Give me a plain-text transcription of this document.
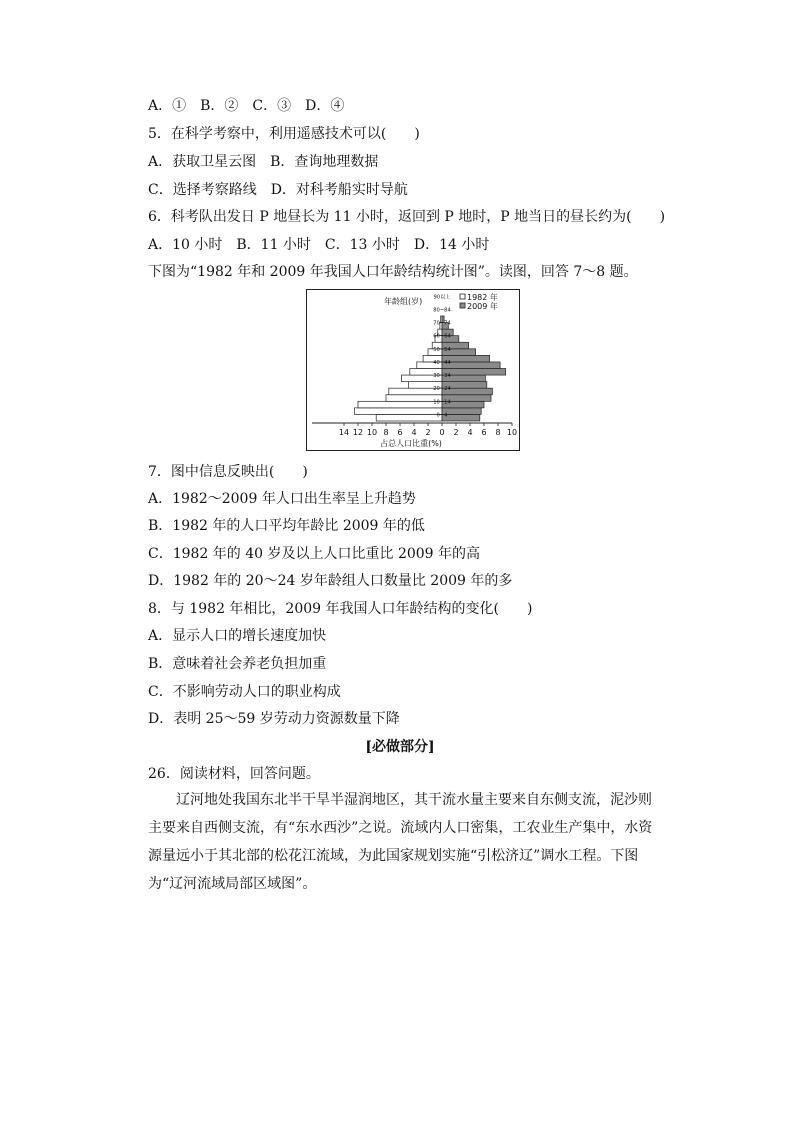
A．①　B．②　C．③　D．④
5．在科学考察中，利用遥感技术可以(　　)
A．获取卫星云图　B．查询地理数据
C．选择考察路线　D．对科考船实时导航
6．科考队出发日 P 地昼长为 11 小时，返回到 P 地时，P 地当日的昼长约为(　　)
A．10 小时　B．11 小时　C．13 小时　D．14 小时
下图为“1982 年和 2009 年我国人口年龄结构统计图”。读图，回答 7～8 题。
年龄组(岁)	1982 年
2009 年
0~4
10~14
20~24
30~34
40~44
50~54
60~64
70~74
80~84
90以上
14 12 10 8 6 4 2 0 2 4 6 8 10
占总人口比重(%)
7．图中信息反映出(　　)
A．1982～2009 年人口出生率呈上升趋势
B．1982 年的人口平均年龄比 2009 年的低
C．1982 年的 40 岁及以上人口比重比 2009 年的高
D．1982 年的 20～24 岁年龄组人口数量比 2009 年的多
8．与 1982 年相比，2009 年我国人口年龄结构的变化(　　)
A．显示人口的增长速度加快
B．意味着社会养老负担加重
C．不影响劳动人口的职业构成
D．表明 25～59 岁劳动力资源数量下降
[必做部分]
26．阅读材料，回答问题。
辽河地处我国东北半干旱半湿润地区，其干流水量主要来自东侧支流，泥沙则主要来自西侧支流，有“东水西沙”之说。流域内人口密集，工农业生产集中，水资源量远小于其北部的松花江流域，为此国家规划实施“引松济辽”调水工程。下图为“辽河流域局部区域图”。
